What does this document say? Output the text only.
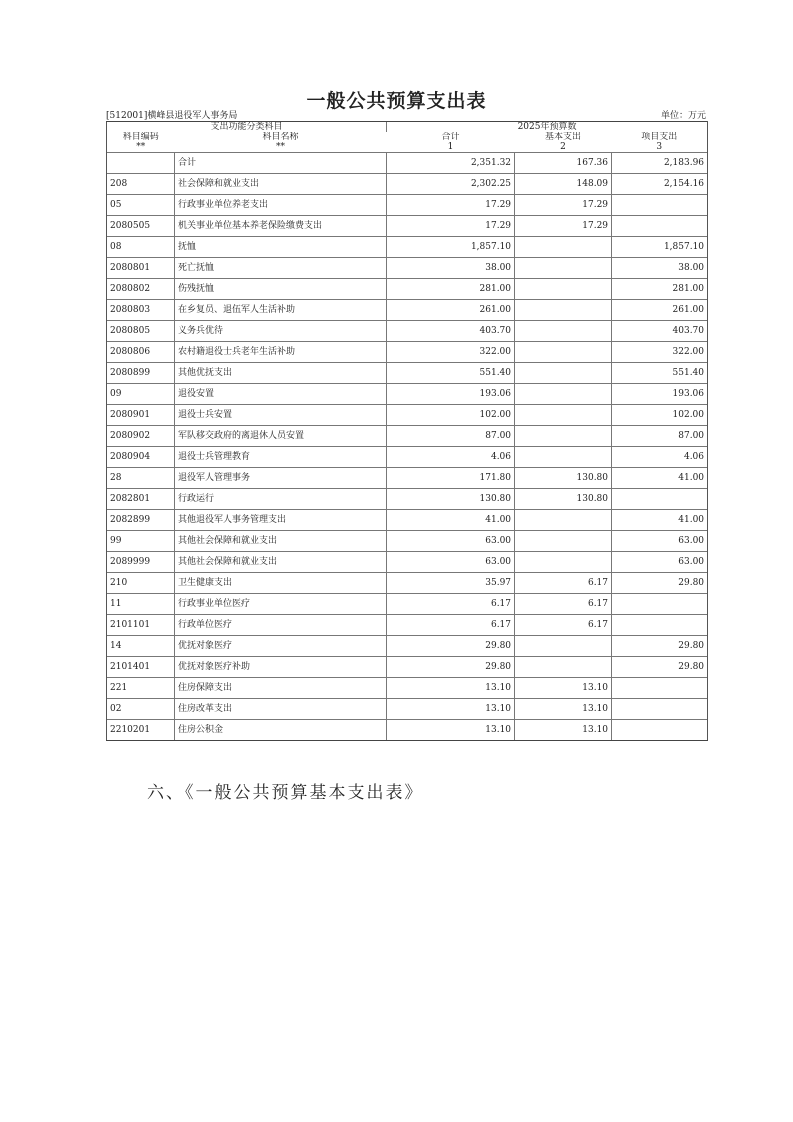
一般公共预算支出表
[512001]横峰县退役军人事务局	单位：万元
支出功能分类科目		2025年预算数		
科目编码	科目名称	合计	基本支出	项目支出
**	**	1	2	3
	合计	2,351.32	167.36	2,183.96
208	社会保障和就业支出	2,302.25	148.09	2,154.16
05	行政事业单位养老支出	17.29	17.29	
2080505	机关事业单位基本养老保险缴费支出	17.29	17.29	
08	抚恤	1,857.10		1,857.10
2080801	死亡抚恤	38.00		38.00
2080802	伤残抚恤	281.00		281.00
2080803	在乡复员、退伍军人生活补助	261.00		261.00
2080805	义务兵优待	403.70		403.70
2080806	农村籍退役士兵老年生活补助	322.00		322.00
2080899	其他优抚支出	551.40		551.40
09	退役安置	193.06		193.06
2080901	退役士兵安置	102.00		102.00
2080902	军队移交政府的离退休人员安置	87.00		87.00
2080904	退役士兵管理教育	4.06		4.06
28	退役军人管理事务	171.80	130.80	41.00
2082801	行政运行	130.80	130.80	
2082899	其他退役军人事务管理支出	41.00		41.00
99	其他社会保障和就业支出	63.00		63.00
2089999	其他社会保障和就业支出	63.00		63.00
210	卫生健康支出	35.97	6.17	29.80
11	行政事业单位医疗	6.17	6.17	
2101101	行政单位医疗	6.17	6.17	
14	优抚对象医疗	29.80		29.80
2101401	优抚对象医疗补助	29.80		29.80
221	住房保障支出	13.10	13.10	
02	住房改革支出	13.10	13.10	
2210201	住房公积金	13.10	13.10	
六、《一般公共预算基本支出表》
